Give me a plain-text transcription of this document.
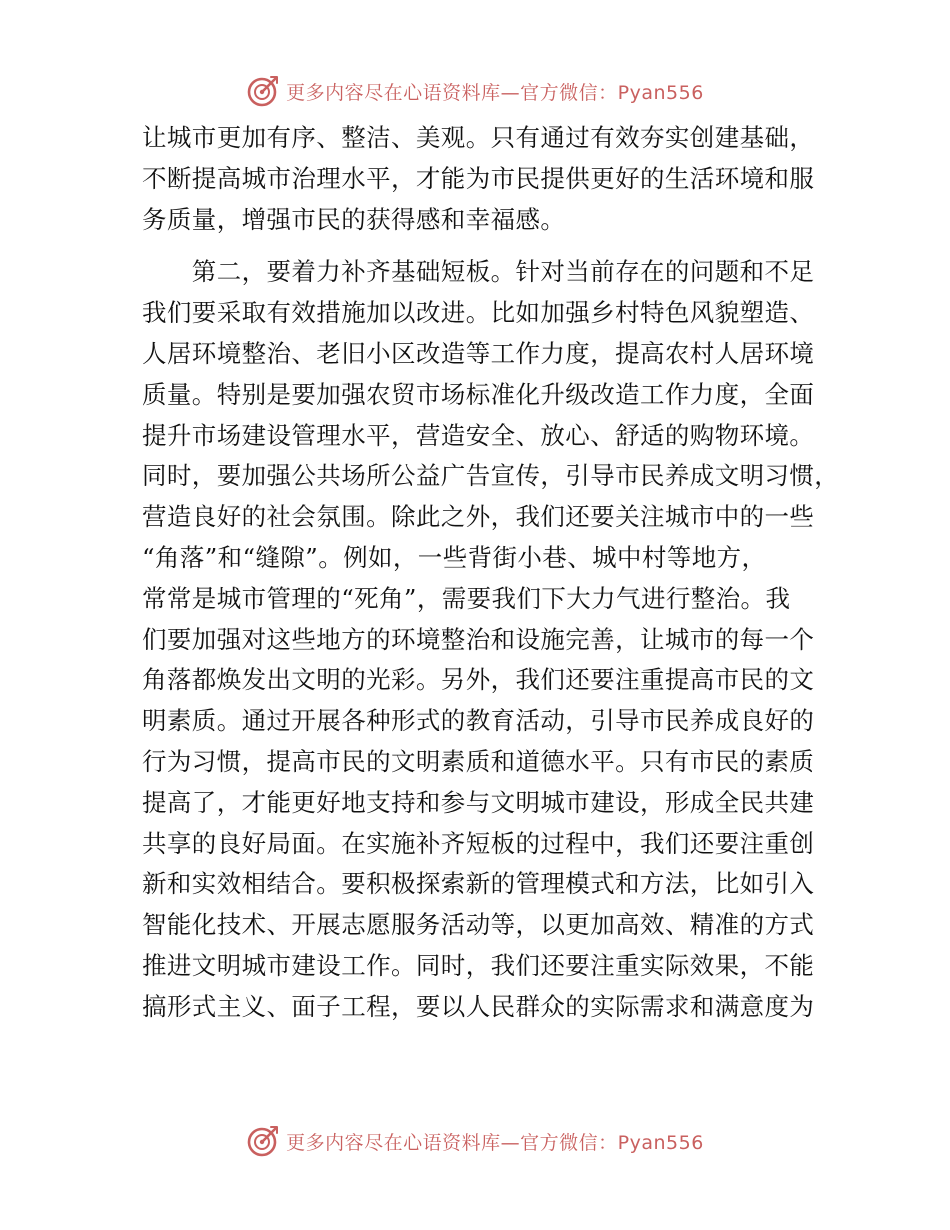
更多内容尽在心语资料库—官方微信：Pyan556
让城市更加有序、整洁、美观。只有通过有效夯实创建基础，
不断提高城市治理水平，才能为市民提供更好的生活环境和服
务质量，增强市民的获得感和幸福感。
　　第二，要着力补齐基础短板。针对当前存在的问题和不足
我们要采取有效措施加以改进。比如加强乡村特色风貌塑造、
人居环境整治、老旧小区改造等工作力度，提高农村人居环境
质量。特别是要加强农贸市场标准化升级改造工作力度，全面
提升市场建设管理水平，营造安全、放心、舒适的购物环境。
同时，要加强公共场所公益广告宣传，引导市民养成文明习惯，
营造良好的社会氛围。除此之外，我们还要关注城市中的一些
“角落”和“缝隙”。例如，一些背街小巷、城中村等地方，
常常是城市管理的“死角”，需要我们下大力气进行整治。我
们要加强对这些地方的环境整治和设施完善，让城市的每一个
角落都焕发出文明的光彩。另外，我们还要注重提高市民的文
明素质。通过开展各种形式的教育活动，引导市民养成良好的
行为习惯，提高市民的文明素质和道德水平。只有市民的素质
提高了，才能更好地支持和参与文明城市建设，形成全民共建
共享的良好局面。在实施补齐短板的过程中，我们还要注重创
新和实效相结合。要积极探索新的管理模式和方法，比如引入
智能化技术、开展志愿服务活动等，以更加高效、精准的方式
推进文明城市建设工作。同时，我们还要注重实际效果，不能
搞形式主义、面子工程，要以人民群众的实际需求和满意度为
更多内容尽在心语资料库—官方微信：Pyan556
